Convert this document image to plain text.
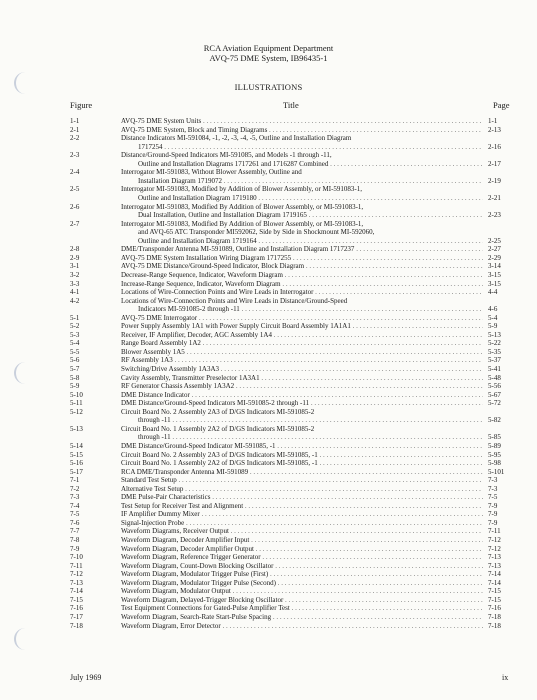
RCA Aviation Equipment Department
AVQ-75 DME System, IB96435-1
ILLUSTRATIONS
Figure	Title	Page
1-1	AVQ-75 DME System Units . . .	1-1
2-1	AVQ-75 DME System, Block and Timing Diagrams . . .	2-13
2-2	Distance Indicators MI-591084, -1, -2, -3, -4, -5, Outline and Installation Diagram
1717254 . . .	2-16
2-3	Distance/Ground-Speed Indicators MI-591085, and Models -1 through -11,
Outline and Installation Diagrams 1717261 and 1716287 Combined . . .	2-17
2-4	Interrogator MI-591083, Without Blower Assembly, Outline and
Installation Diagram 1719072 . . .	2-19
2-5	Interrogator MI-591083, Modified by Addition of Blower Assembly, or MI-591083-1,
Outline and Installation Diagram 1719180 . . .	2-21
2-6	Interrogator MI-591083, Modified By Addition of Blower Assembly, or MI-591083-1,
Dual Installation, Outline and Installation Diagram 1719165 . . .	2-23
2-7	Interrogator MI-591083, Modified By Addition of Blower Assembly, or MI-591083-1,
and AVQ-65 ATC Transponder MI592062, Side by Side in Shockmount MI-592060,
Outline and Installation Diagram 1719164 . . .	2-25
2-8	DME/Transponder Antenna MI-591089, Outline and Installation Diagram 1717237 . . .	2-27
2-9	AVQ-75 DME System Installation Wiring Diagram 1717255 . . .	2-29
3-1	AVQ-75 DME Distance/Ground-Speed Indicator, Block Diagram . . .	3-14
3-2	Decrease-Range Sequence, Indicator, Waveform Diagram . . .	3-15
3-3	Increase-Range Sequence, Indicator, Waveform Diagram . . .	3-15
4-1	Locations of Wire-Connection Points and Wire Leads in Interrogator . . .	4-4
4-2	Locations of Wire-Connection Points and Wire Leads in Distance/Ground-Speed
Indicators MI-591085-2 through -11 . . .	4-6
5-1	AVQ-75 DME Interrogator . . .	5-4
5-2	Power Supply Assembly 1A1 with Power Supply Circuit Board Assembly 1A1A1 . . .	5-9
5-3	Receiver, IF Amplifier, Decoder, AGC Assembly 1A4 . . .	5-13
5-4	Range Board Assembly 1A2 . . .	5-22
5-5	Blower Assembly 1A5 . . .	5-35
5-6	RF Assembly 1A3 . . .	5-37
5-7	Switching/Drive Assembly 1A3A3 . . .	5-41
5-8	Cavity Assembly, Transmitter Preselector 1A3A1 . . .	5-48
5-9	RF Generator Chassis Assembly 1A3A2 . . .	5-56
5-10	DME Distance Indicator . . .	5-67
5-11	DME Distance/Ground-Speed Indicators MI-591085-2 through -11 . . .	5-72
5-12	Circuit Board No. 2 Assembly 2A3 of D/GS Indicators MI-591085-2
through -11 . . .	5-82
5-13	Circuit Board No. 1 Assembly 2A2 of D/GS Indicators MI-591085-2
through -11 . . .	5-85
5-14	DME Distance/Ground-Speed Indicator MI-591085, -1 . . .	5-89
5-15	Circuit Board No. 2 Assembly 2A3 of D/GS Indicators MI-591085, -1 . . .	5-95
5-16	Circuit Board No. 1 Assembly 2A2 of D/GS Indicators MI-591085, -1 . . .	5-98
5-17	RCA DME/Transponder Antenna MI-591089 . . .	5-101
7-1	Standard Test Setup . . .	7-3
7-2	Alternative Test Setup . . .	7-3
7-3	DME Pulse-Pair Characteristics . . .	7-5
7-4	Test Setup for Receiver Test and Alignment . . .	7-9
7-5	IF Amplifier Dummy Mixer . . .	7-9
7-6	Signal-Injection Probe . . .	7-9
7-7	Waveform Diagrams, Receiver Output . . .	7-11
7-8	Waveform Diagram, Decoder Amplifier Input . . .	7-12
7-9	Waveform Diagram, Decoder Amplifier Output . . .	7-12
7-10	Waveform Diagram, Reference Trigger Generator . . .	7-13
7-11	Waveform Diagram, Count-Down Blocking Oscillator . . .	7-13
7-12	Waveform Diagram, Modulator Trigger Pulse (First) . . .	7-14
7-13	Waveform Diagram, Modulator Trigger Pulse (Second) . . .	7-14
7-14	Waveform Diagram, Modulator Output . . .	7-15
7-15	Waveform Diagram, Delayed-Trigger Blocking Oscillator . . .	7-15
7-16	Test Equipment Connections for Gated-Pulse Amplifier Test . . .	7-16
7-17	Waveform Diagram, Search-Rate Start-Pulse Spacing . . .	7-18
7-18	Waveform Diagram, Error Detector . . .	7-18
July 1969	ix
